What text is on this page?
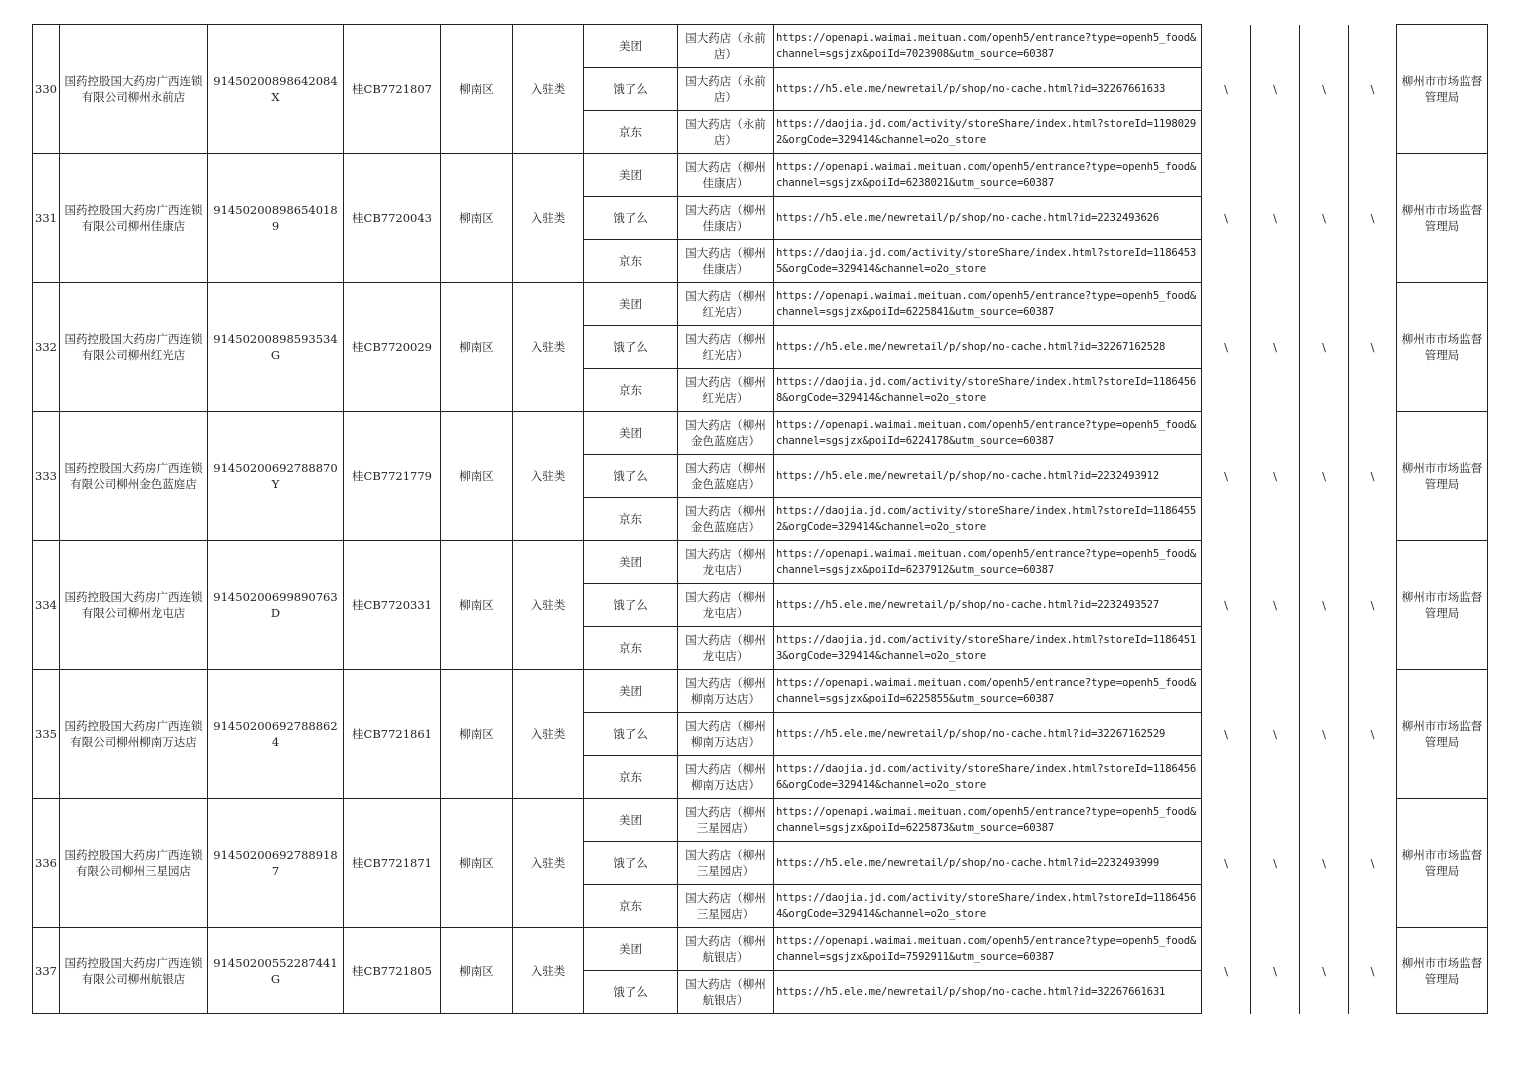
330	国药控股国大药房广西连锁有限公司柳州永前店	91450200898642084X	桂CB7721807	柳南区	入驻类	美团	国大药店（永前店）	https://openapi.waimai.meituan.com/openh5/entrance?type=openh5_food&channel=sgsjzx&poiId=7023908&utm_source=60387	\	\	\	\	柳州市市场监督管理局
						饿了么	国大药店（永前店）	https://h5.ele.me/newretail/p/shop/no-cache.html?id=32267661633					
						京东	国大药店（永前店）	https://daojia.jd.com/activity/storeShare/index.html?storeId=11980292&orgCode=329414&channel=o2o_store					
331	国药控股国大药房广西连锁有限公司柳州佳康店	914502008986540189	桂CB7720043	柳南区	入驻类	美团	国大药店（柳州佳康店）	https://openapi.waimai.meituan.com/openh5/entrance?type=openh5_food&channel=sgsjzx&poiId=6238021&utm_source=60387	\	\	\	\	柳州市市场监督管理局
						饿了么	国大药店（柳州佳康店）	https://h5.ele.me/newretail/p/shop/no-cache.html?id=2232493626					
						京东	国大药店（柳州佳康店）	https://daojia.jd.com/activity/storeShare/index.html?storeId=11864535&orgCode=329414&channel=o2o_store					
332	国药控股国大药房广西连锁有限公司柳州红光店	91450200898593534G	桂CB7720029	柳南区	入驻类	美团	国大药店（柳州红光店）	https://openapi.waimai.meituan.com/openh5/entrance?type=openh5_food&channel=sgsjzx&poiId=6225841&utm_source=60387	\	\	\	\	柳州市市场监督管理局
						饿了么	国大药店（柳州红光店）	https://h5.ele.me/newretail/p/shop/no-cache.html?id=32267162528					
						京东	国大药店（柳州红光店）	https://daojia.jd.com/activity/storeShare/index.html?storeId=11864568&orgCode=329414&channel=o2o_store					
333	国药控股国大药房广西连锁有限公司柳州金色蓝庭店	91450200692788870Y	桂CB7721779	柳南区	入驻类	美团	国大药店（柳州金色蓝庭店）	https://openapi.waimai.meituan.com/openh5/entrance?type=openh5_food&channel=sgsjzx&poiId=6224178&utm_source=60387	\	\	\	\	柳州市市场监督管理局
						饿了么	国大药店（柳州金色蓝庭店）	https://h5.ele.me/newretail/p/shop/no-cache.html?id=2232493912					
						京东	国大药店（柳州金色蓝庭店）	https://daojia.jd.com/activity/storeShare/index.html?storeId=11864552&orgCode=329414&channel=o2o_store					
334	国药控股国大药房广西连锁有限公司柳州龙屯店	91450200699890763D	桂CB7720331	柳南区	入驻类	美团	国大药店（柳州龙屯店）	https://openapi.waimai.meituan.com/openh5/entrance?type=openh5_food&channel=sgsjzx&poiId=6237912&utm_source=60387	\	\	\	\	柳州市市场监督管理局
						饿了么	国大药店（柳州龙屯店）	https://h5.ele.me/newretail/p/shop/no-cache.html?id=2232493527					
						京东	国大药店（柳州龙屯店）	https://daojia.jd.com/activity/storeShare/index.html?storeId=11864513&orgCode=329414&channel=o2o_store					
335	国药控股国大药房广西连锁有限公司柳州柳南万达店	914502006927888624	桂CB7721861	柳南区	入驻类	美团	国大药店（柳州柳南万达店）	https://openapi.waimai.meituan.com/openh5/entrance?type=openh5_food&channel=sgsjzx&poiId=6225855&utm_source=60387	\	\	\	\	柳州市市场监督管理局
						饿了么	国大药店（柳州柳南万达店）	https://h5.ele.me/newretail/p/shop/no-cache.html?id=32267162529					
						京东	国大药店（柳州柳南万达店）	https://daojia.jd.com/activity/storeShare/index.html?storeId=11864566&orgCode=329414&channel=o2o_store					
336	国药控股国大药房广西连锁有限公司柳州三星园店	914502006927889187	桂CB7721871	柳南区	入驻类	美团	国大药店（柳州三星园店）	https://openapi.waimai.meituan.com/openh5/entrance?type=openh5_food&channel=sgsjzx&poiId=6225873&utm_source=60387	\	\	\	\	柳州市市场监督管理局
						饿了么	国大药店（柳州三星园店）	https://h5.ele.me/newretail/p/shop/no-cache.html?id=2232493999					
						京东	国大药店（柳州三星园店）	https://daojia.jd.com/activity/storeShare/index.html?storeId=11864564&orgCode=329414&channel=o2o_store					
337	国药控股国大药房广西连锁有限公司柳州航银店	91450200552287441G	桂CB7721805	柳南区	入驻类	美团	国大药店（柳州航银店）	https://openapi.waimai.meituan.com/openh5/entrance?type=openh5_food&channel=sgsjzx&poiId=7592911&utm_source=60387	\	\	\	\	柳州市市场监督管理局
						饿了么	国大药店（柳州航银店）	https://h5.ele.me/newretail/p/shop/no-cache.html?id=32267661631					
